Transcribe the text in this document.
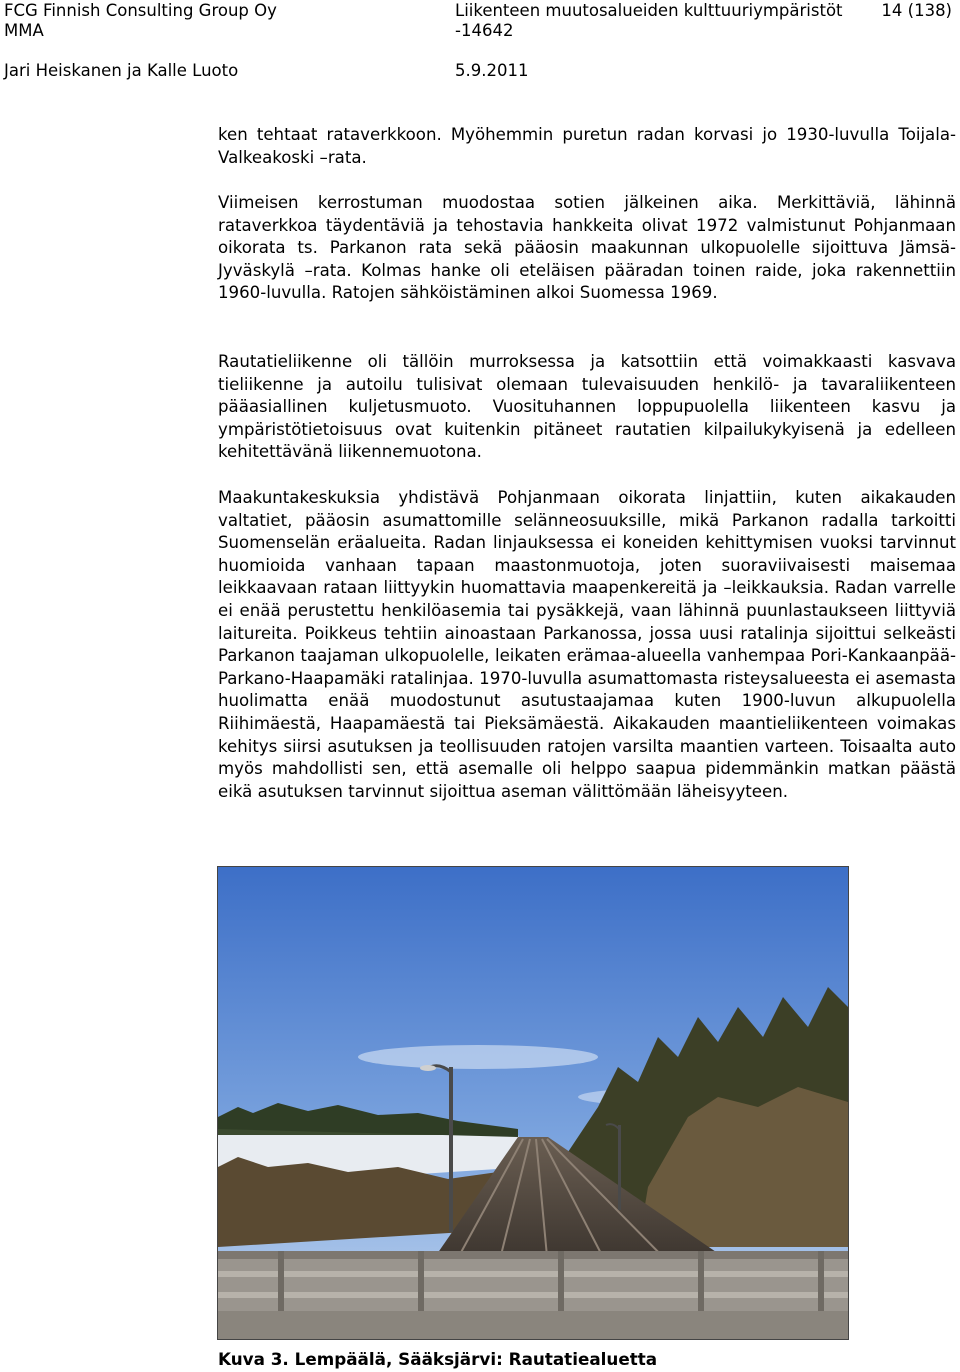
FCG Finnish Consulting Group Oy
MMA
Liikenteen muutosalueiden kulttuuriympäristöt
-14642
14 (138)
Jari Heiskanen ja Kalle Luoto	5.9.2011

ken tehtaat rataverkkoon. Myöhemmin puretun radan korvasi jo 1930-luvulla Toijala-Valkeakoski –rata.

Viimeisen kerrostuman muodostaa sotien jälkeinen aika. Merkittäviä, lähinnä rataverkkoa täydentäviä ja tehostavia hankkeita olivat 1972 valmistunut Pohjanmaan oikorata ts. Parkanon rata sekä pääosin maakunnan ulkopuolelle sijoittuva Jämsä-Jyväskylä –rata. Kolmas hanke oli eteläisen pääradan toinen raide, joka rakennettiin 1960-luvulla. Ratojen sähköistäminen alkoi Suomessa 1969.

Rautatieliikenne oli tällöin murroksessa ja katsottiin että voimakkaasti kasvava tieliikenne ja autoilu tulisivat olemaan tulevaisuuden henkilö- ja tavaraliikenteen pääasiallinen kuljetusmuoto. Vuosituhannen loppupuolella liikenteen kasvu ja ympäristötietoisuus ovat kuitenkin pitäneet rautatien kilpailukykyisenä ja edelleen kehitettävänä liikennemuotona.

Maakuntakeskuksia yhdistävä Pohjanmaan oikorata linjattiin, kuten aikakauden valtatiet, pääosin asumattomille selänneosuuksille, mikä Parkanon radalla tarkoitti Suomenselän eräalueita. Radan linjauksessa ei koneiden kehittymisen vuoksi tarvinnut huomioida vanhaan tapaan maastonmuotoja, joten suoraviivaisesti maisemaa leikkaavaan rataan liittyykin huomattavia maapenkereitä ja –leikkauksia. Radan varrelle ei enää perustettu henkilöasemia tai pysäkkejä, vaan lähinnä puunlastaukseen liittyviä laitureita. Poikkeus tehtiin ainoastaan Parkanossa, jossa uusi ratalinja sijoittui selkeästi Parkanon taajaman ulkopuolelle, leikaten erämaa-alueella vanhempaa Pori-Kankaanpää-Parkano-Haapamäki ratalinjaa. 1970-luvulla asumattomasta risteysalueesta ei asemasta huolimatta enää muodostunut asutustaajamaa kuten 1900-luvun alkupuolella Riihimäestä, Haapamäestä tai Pieksämäestä. Aikakauden maantieliikenteen voimakas kehitys siirsi asutuksen ja teollisuuden ratojen varsilta maantien varteen. Toisaalta auto myös mahdollisti sen, että asemalle oli helppo saapua pidemmänkin matkan päästä eikä asutuksen tarvinnut sijoittua aseman välittömään läheisyyteen.

Kuva 3. Lempäälä, Sääksjärvi: Rautatiealuetta
